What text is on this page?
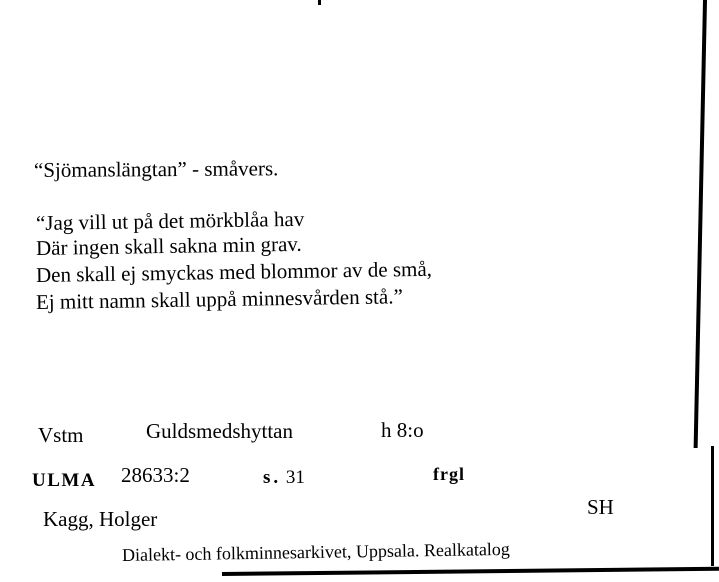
“Sjömanslängtan” - småvers.
“Jag vill ut på det mörkblåa hav
Där ingen skall sakna min grav.
Den skall ej smyckas med blommor av de små,
Ej mitt namn skall uppå minnesvården stå.”
Vstm	Guldsmedshyttan	h 8:o
ULMA 28633:2	s. 31	frgl
Kagg, Holger	SH
Dialekt- och folkminnesarkivet, Uppsala. Realkatalog
